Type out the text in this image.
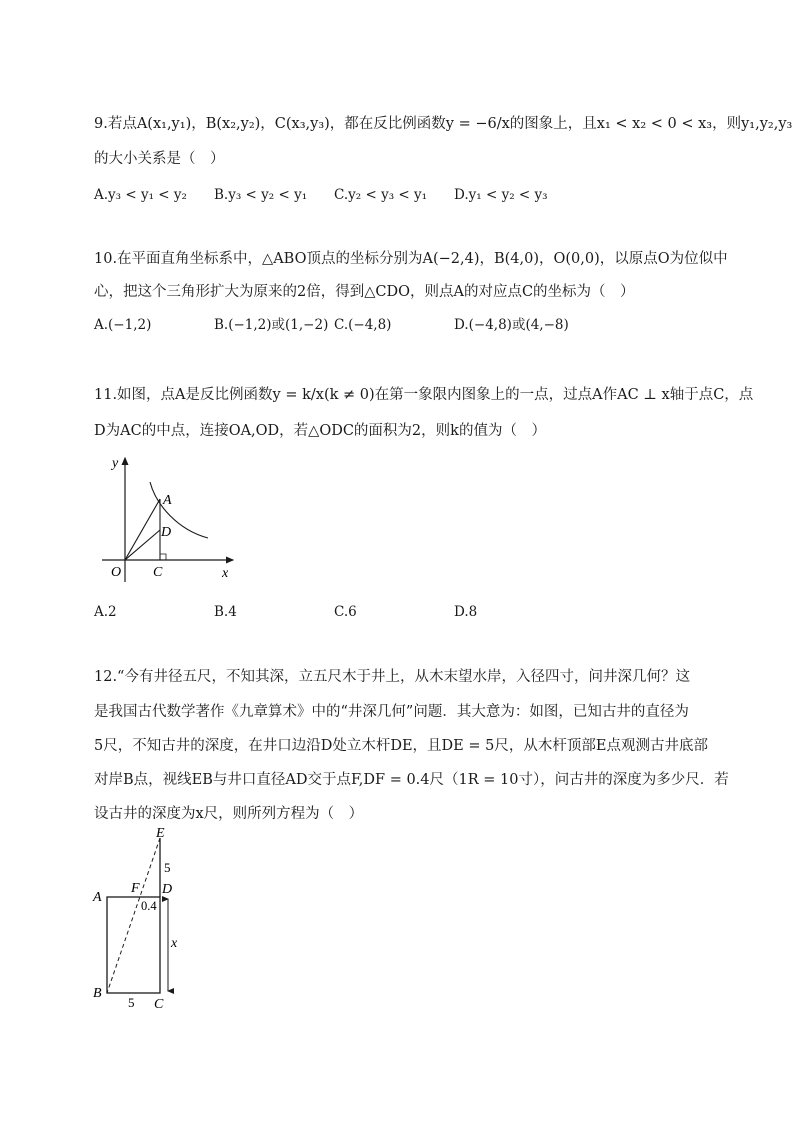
9.若点A(x₁,y₁)，B(x₂,y₂)，C(x₃,y₃)，都在反比例函数y = −6/x的图象上，且x₁ < x₂ < 0 < x₃，则y₁,y₂,y₃
的大小关系是（　）
A.y₃ < y₁ < y₂ B.y₃ < y₂ < y₁ C.y₂ < y₃ < y₁ D.y₁ < y₂ < y₃
10.在平面直角坐标系中，△ABO顶点的坐标分别为A(−2,4)，B(4,0)，O(0,0)，以原点O为位似中
心，把这个三角形扩大为原来的2倍，得到△CDO，则点A的对应点C的坐标为（　）
A.(−1,2)	B.(−1,2)或(1,−2) C.(−4,8)	D.(−4,8)或(4,−8)
11.如图，点A是反比例函数y = k/x(k ≠ 0)在第一象限内图象上的一点，过点A作AC ⊥ x轴于点C，点
D为AC的中点，连接OA,OD，若△ODC的面积为2，则k的值为（　）
y
x
O
A
D
C
A.2	B.4	C.6	D.8
12.“今有井径五尺，不知其深，立五尺木于井上，从木末望水岸，入径四寸，问井深几何？这
是我国古代数学著作《九章算术》中的“井深几何”问题．其大意为：如图，已知古井的直径为
5尺，不知古井的深度，在井口边沿D处立木杆DE，且DE = 5尺，从木杆顶部E点观测古井底部
对岸B点，视线EB与井口直径AD交于点F,DF = 0.4尺（1R = 10寸），问古井的深度为多少尺．若
设古井的深度为x尺，则所列方程为（　）
E
5
A
F D
0.4
x
B
5 C
